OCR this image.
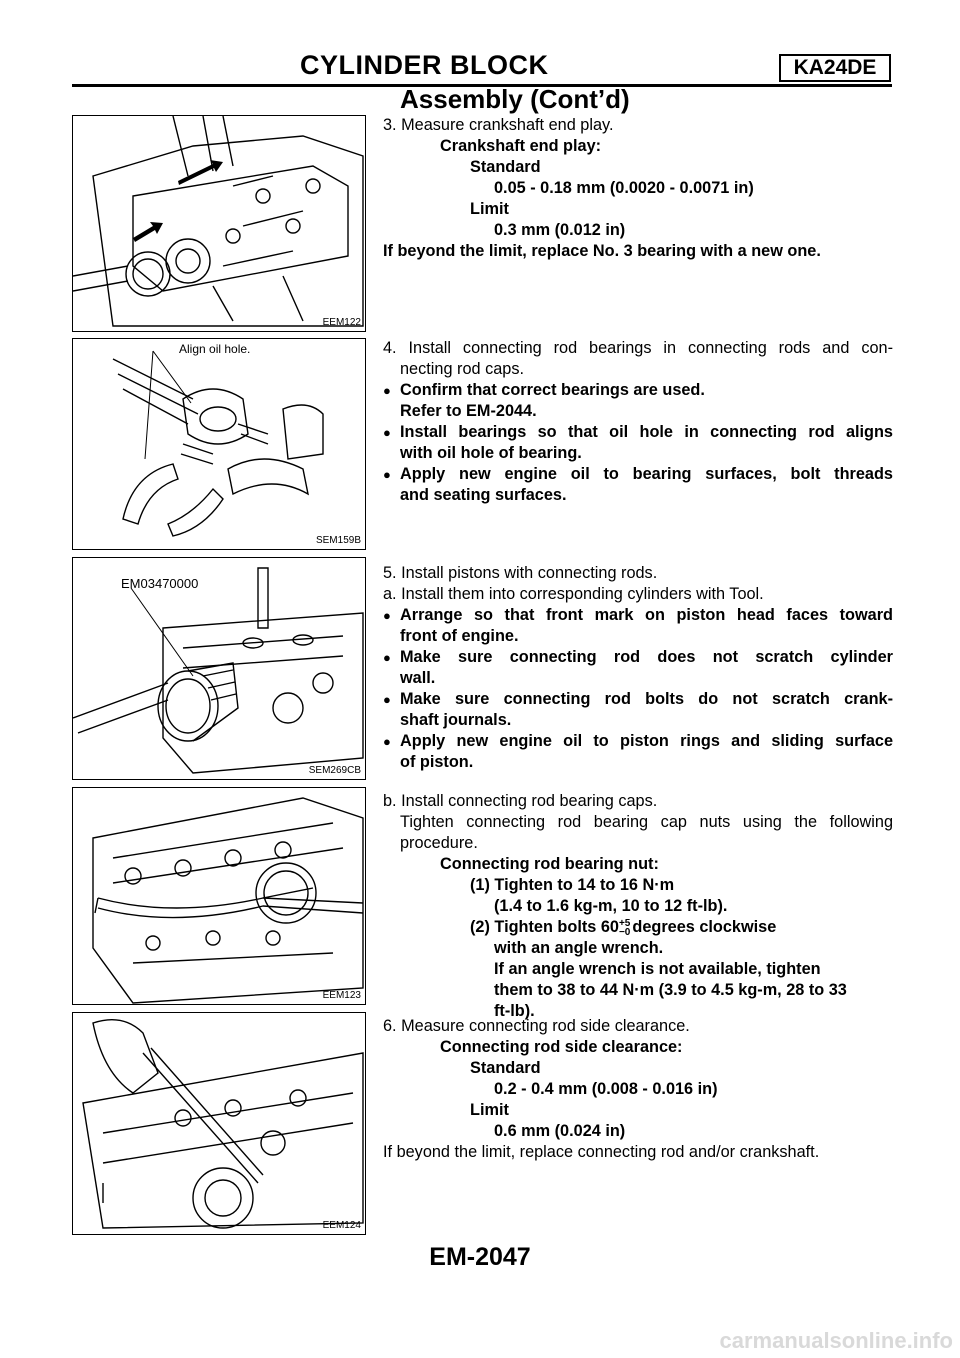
CYLINDER BLOCK	KA24DE
Assembly (Cont’d)
EEM122
Align oil hole.
SEM159B
EM03470000
SEM269CB
EEM123
EEM124
3. Measure crankshaft end play.
Crankshaft end play:
Standard
0.05 - 0.18 mm (0.0020 - 0.0071 in)
Limit
0.3 mm (0.012 in)
If beyond the limit, replace No. 3 bearing with a new one.
4. Install connecting rod bearings in connecting rods and con-
necting rod caps.
● Confirm that correct bearings are used.
Refer to EM-2044.
● Install bearings so that oil hole in connecting rod aligns
with oil hole of bearing.
● Apply new engine oil to bearing surfaces, bolt threads
and seating surfaces.
5. Install pistons with connecting rods.
a. Install them into corresponding cylinders with Tool.
● Arrange so that front mark on piston head faces toward
front of engine.
● Make sure connecting rod does not scratch cylinder
wall.
● Make sure connecting rod bolts do not scratch crank-
shaft journals.
● Apply new engine oil to piston rings and sliding surface
of piston.
b. Install connecting rod bearing caps.
Tighten connecting rod bearing cap nuts using the following
procedure.
Connecting rod bearing nut:
(1) Tighten to 14 to 16 N·m
(1.4 to 1.6 kg-m, 10 to 12 ft-lb).
(2) Tighten bolts 60+5
−0 degrees clockwise
with an angle wrench.
If an angle wrench is not available, tighten
them to 38 to 44 N·m (3.9 to 4.5 kg-m, 28 to 33
ft-lb).
6. Measure connecting rod side clearance.
Connecting rod side clearance:
Standard
0.2 - 0.4 mm (0.008 - 0.016 in)
Limit
0.6 mm (0.024 in)
If beyond the limit, replace connecting rod and/or crankshaft.
EM-2047
carmanualsonline.info
